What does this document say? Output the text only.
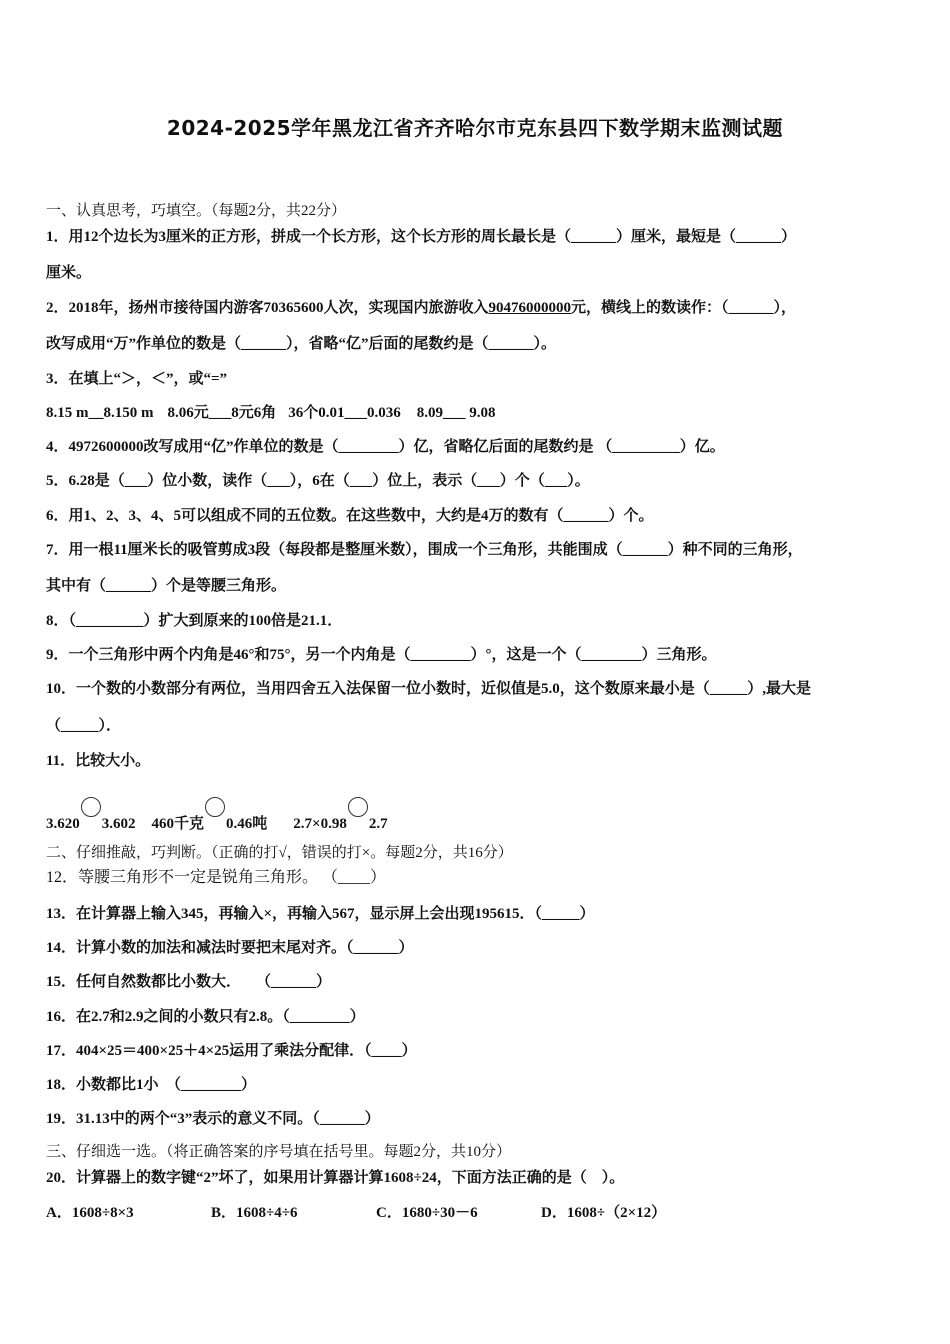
2024-2025学年黑龙江省齐齐哈尔市克东县四下数学期末监测试题
一、认真思考，巧填空。（每题2分，共22分）
1．用12个边长为3厘米的正方形，拼成一个长方形，这个长方形的周长最长是（______）厘米，最短是（______）
厘米。
2．2018年，扬州市接待国内游客70365600人次，实现国内旅游收入90476000000元，横线上的数读作：（______），
改写成用“万”作单位的数是（______），省略“亿”后面的尾数约是（______）。
3．在填上“＞，＜”，或“=”
8.15 m__8.150 m 8.06元___8元6角 36个0.01___0.036 8.09___ 9.08
4．4972600000改写成用“亿”作单位的数是（________）亿，省略亿后面的尾数约是 （_________）亿。
5．6.28是（___）位小数，读作（___），6在（___）位上，表示（___）个（___）。
6．用1、2、3、4、5可以组成不同的五位数。在这些数中，大约是4万的数有（______）个。
7．用一根11厘米长的吸管剪成3段（每段都是整厘米数），围成一个三角形，共能围成（______）种不同的三角形，
其中有（______）个是等腰三角形。
8．（_________）扩大到原来的100倍是21.1．
9．一个三角形中两个内角是46°和75°，另一个内角是（________）°，这是一个（________）三角形。
10．一个数的小数部分有两位，当用四舍五入法保留一位小数时，近似值是5.0，这个数原来最小是（_____）,最大是
（_____）．
11．比较大小。
3.620 3.602 460千克 0.46吨 2.7×0.98 2.7
二、仔细推敲，巧判断。（正确的打√，错误的打×。每题2分，共16分）
12．等腰三角形不一定是锐角三角形。 （____）
13．在计算器上输入345，再输入×，再输入567，显示屏上会出现195615．（_____）
14．计算小数的加法和减法时要把末尾对齐。（______）
15．任何自然数都比小数大．　　（______）
16．在2.7和2.9之间的小数只有2.8。（________）
17．404×25＝400×25＋4×25运用了乘法分配律．（____）
18．小数都比1小　（________）
19．31.13中的两个“3”表示的意义不同。（______）
三、仔细选一选。（将正确答案的序号填在括号里。每题2分，共10分）
20．计算器上的数字键“2”坏了，如果用计算器计算1608÷24，下面方法正确的是（　）。
A．1608÷8×3	B．1608÷4÷6	C．1680÷30－6	D．1608÷（2×12）
